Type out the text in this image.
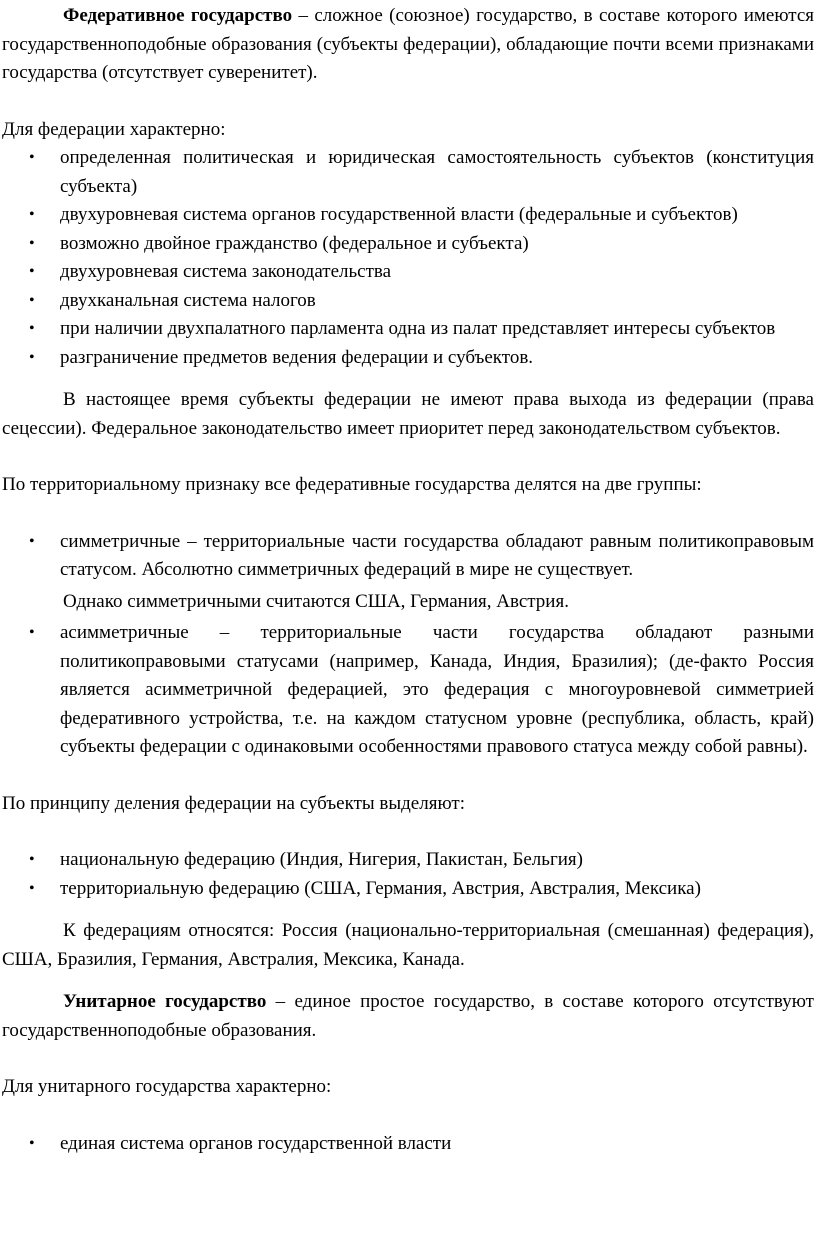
Федеративное государство – сложное (союзное) государство, в составе которого имеются государственноподобные образования (субъекты федерации), обладающие почти всеми признаками государства (отсутствует суверенитет).

Для федерации характерно:

•	определенная политическая и юридическая самостоятельность субъектов (конституция субъекта)
•	двухуровневая система органов государственной власти (федеральные и субъектов)
•	возможно двойное гражданство (федеральное и субъекта)
•	двухуровневая система законодательства
•	двухканальная система налогов
•	при наличии двухпалатного парламента одна из палат представляет интересы субъектов
•	разграничение предметов ведения федерации и субъектов.

В настоящее время субъекты федерации не имеют права выхода из федерации (права сецессии). Федеральное законодательство имеет приоритет перед законодательством субъектов.

По территориальному признаку все федеративные государства делятся на две группы:

•	симметричные – территориальные части государства обладают равным политикоправовым статусом. Абсолютно симметричных федераций в мире не существует.

Однако симметричными считаются США, Германия, Австрия.

•	асимметричные – территориальные части государства обладают разными политикоправовыми статусами (например, Канада, Индия, Бразилия); (де-факто Россия является асимметричной федерацией, это федерация с многоуровневой симметрией федеративного устройства, т.е. на каждом статусном уровне (республика, область, край) субъекты федерации с одинаковыми особенностями правового статуса между собой равны).

По принципу деления федерации на субъекты выделяют:

•	национальную федерацию (Индия, Нигерия, Пакистан, Бельгия)
•	территориальную федерацию (США, Германия, Австрия, Австралия, Мексика)

К федерациям относятся: Россия (национально-территориальная (смешанная) федерация), США, Бразилия, Германия, Австралия, Мексика, Канада.

Унитарное государство – единое простое государство, в составе которого отсутствуют государственноподобные образования.

Для унитарного государства характерно:

•	единая система органов государственной власти
